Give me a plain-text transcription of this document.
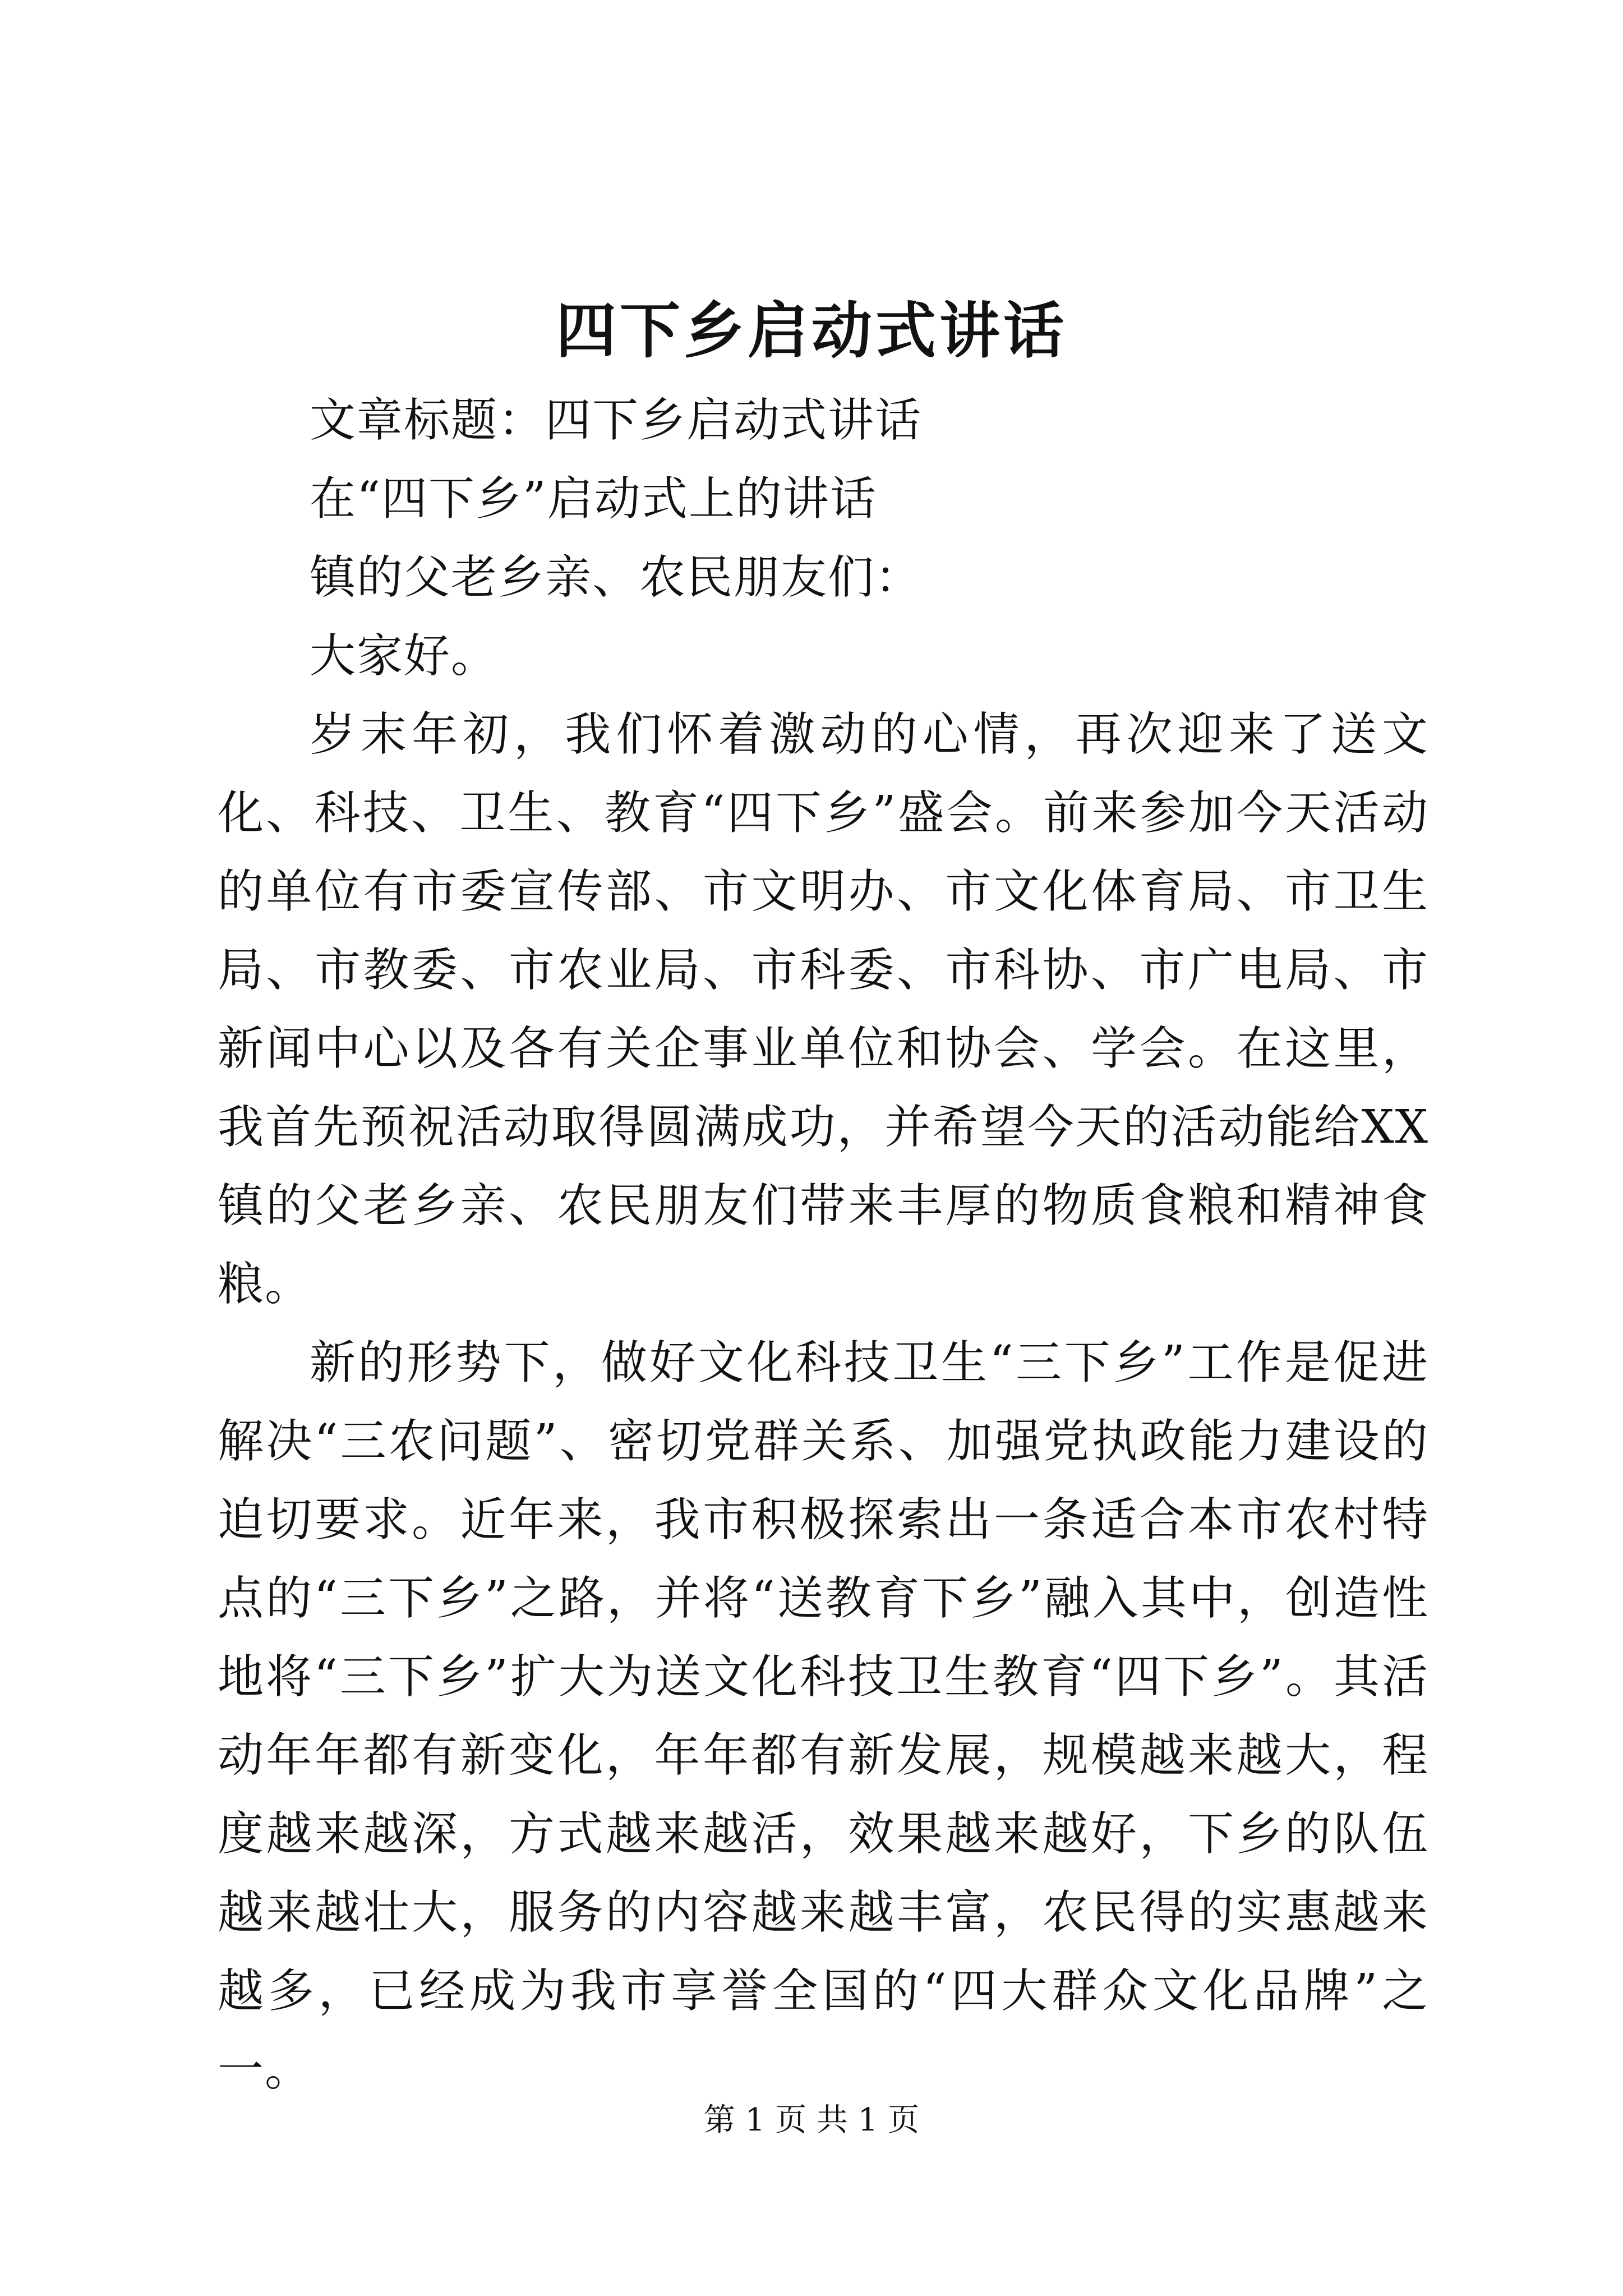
四下乡启动式讲话

文章标题：四下乡启动式讲话

在“四下乡”启动式上的讲话

镇的父老乡亲、农民朋友们：

大家好。

岁末年初，我们怀着激动的心情，再次迎来了送文化、科技、卫生、教育“四下乡”盛会。前来参加今天活动的单位有市委宣传部、市文明办、市文化体育局、市卫生局、市教委、市农业局、市科委、市科协、市广电局、市新闻中心以及各有关企事业单位和协会、学会。在这里，我首先预祝活动取得圆满成功，并希望今天的活动能给XX镇的父老乡亲、农民朋友们带来丰厚的物质食粮和精神食粮。

新的形势下，做好文化科技卫生“三下乡”工作是促进解决“三农问题”、密切党群关系、加强党执政能力建设的迫切要求。近年来，我市积极探索出一条适合本市农村特点的“三下乡”之路，并将“送教育下乡”融入其中，创造性地将“三下乡”扩大为送文化科技卫生教育“四下乡”。其活动年年都有新变化，年年都有新发展，规模越来越大，程度越来越深，方式越来越活，效果越来越好，下乡的队伍越来越壮大，服务的内容越来越丰富，农民得的实惠越来越多，已经成为我市享誉全国的“四大群众文化品牌”之一。

第 1 页 共 1 页
